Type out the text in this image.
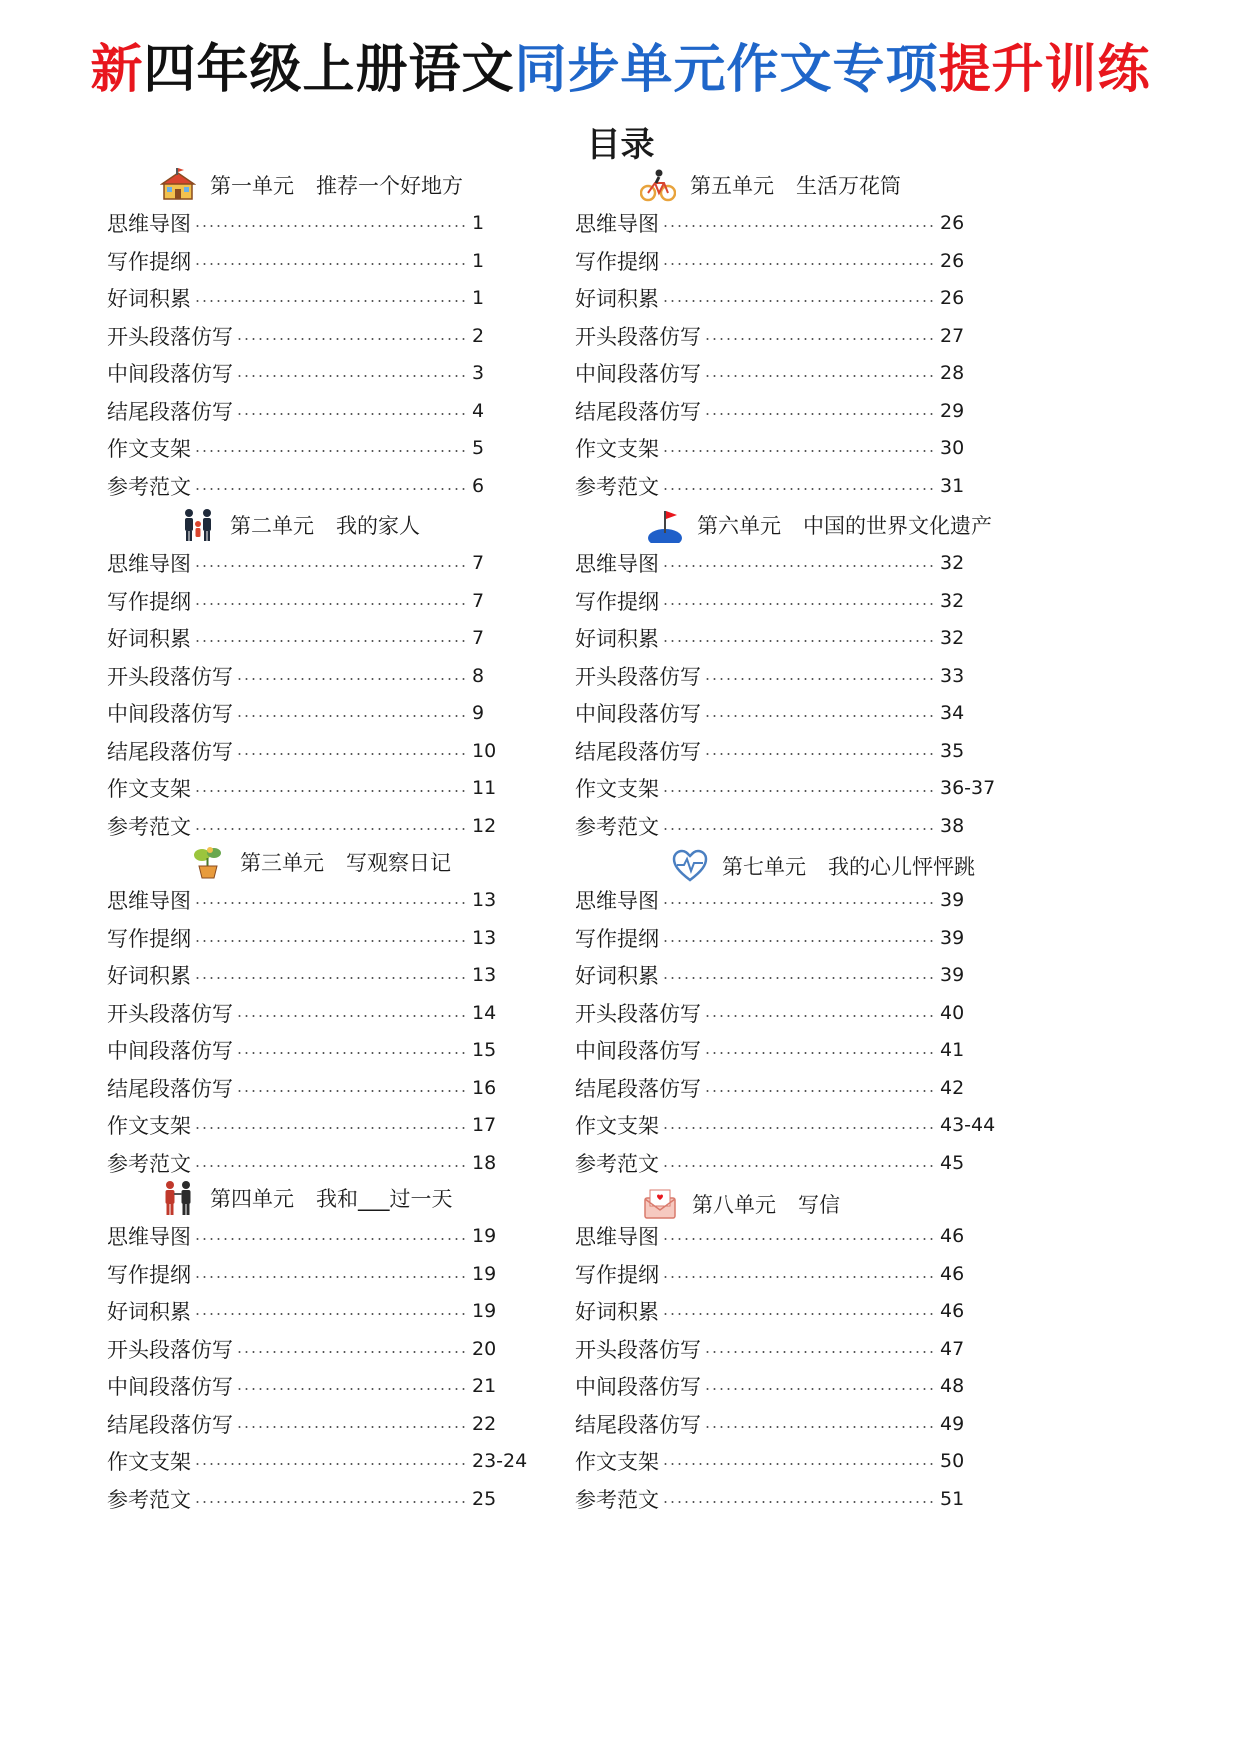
新四年级上册语文同步单元作文专项提升训练
目录
第一单元 推荐一个好地方
思维导图	1
写作提纲	1
好词积累	1
开头段落仿写	2
中间段落仿写	3
结尾段落仿写	4
作文支架	5
参考范文	6
第二单元 我的家人
思维导图	7
写作提纲	7
好词积累	7
开头段落仿写	8
中间段落仿写	9
结尾段落仿写	10
作文支架	11
参考范文	12
第三单元 写观察日记
思维导图	13
写作提纲	13
好词积累	13
开头段落仿写	14
中间段落仿写	15
结尾段落仿写	16
作文支架	17
参考范文	18
第四单元 我和___过一天
思维导图	19
写作提纲	19
好词积累	19
开头段落仿写	20
中间段落仿写	21
结尾段落仿写	22
作文支架	23-24
参考范文	25
第五单元 生活万花筒
思维导图	26
写作提纲	26
好词积累	26
开头段落仿写	27
中间段落仿写	28
结尾段落仿写	29
作文支架	30
参考范文	31
第六单元 中国的世界文化遗产
思维导图	32
写作提纲	32
好词积累	32
开头段落仿写	33
中间段落仿写	34
结尾段落仿写	35
作文支架	36-37
参考范文	38
第七单元 我的心儿怦怦跳
思维导图	39
写作提纲	39
好词积累	39
开头段落仿写	40
中间段落仿写	41
结尾段落仿写	42
作文支架	43-44
参考范文	45
第八单元 写信
思维导图	46
写作提纲	46
好词积累	46
开头段落仿写	47
中间段落仿写	48
结尾段落仿写	49
作文支架	50
参考范文	51
